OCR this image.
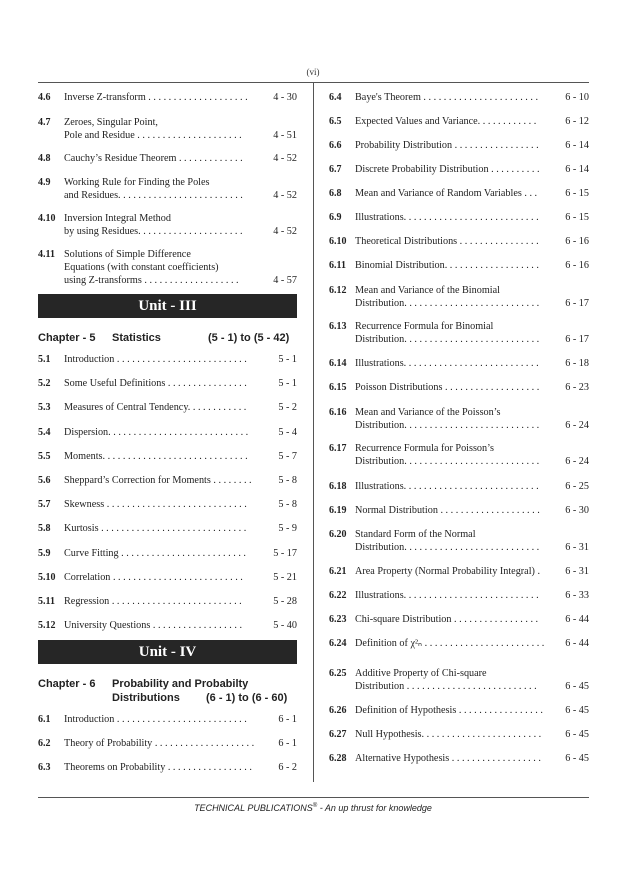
(vi)
4.6 Inverse Z-transform . . . . . . . . . . . . . . . . . . . .	4 - 30
4.7 Zeroes, Singular Point,
Pole and Residue . . . . . . . . . . . . . . . . . . . . .	4 - 51
4.8 Cauchy’s Residue Theorem . . . . . . . . . . . . .	4 - 52
4.9 Working Rule for Finding the Poles
and Residues. . . . . . . . . . . . . . . . . . . . . . . . .	4 - 52
4.10 Inversion Integral Method
by using Residues. . . . . . . . . . . . . . . . . . . . .	4 - 52
4.11 Solutions of Simple Difference
Equations (with constant coefficients)
using Z-transforms . . . . . . . . . . . . . . . . . . .	4 - 57
Unit - III
Chapter - 5 Statistics	(5 - 1) to (5 - 42)
5.1 Introduction . . . . . . . . . . . . . . . . . . . . . . . . . .	5 - 1
5.2 Some Useful Definitions . . . . . . . . . . . . . . . .	5 - 1
5.3 Measures of Central Tendency. . . . . . . . . . . .	5 - 2
5.4 Dispersion. . . . . . . . . . . . . . . . . . . . . . . . . . . .	5 - 4
5.5 Moments. . . . . . . . . . . . . . . . . . . . . . . . . . . . .	5 - 7
5.6 Sheppard’s Correction for Moments . . . . . . . .	5 - 8
5.7 Skewness . . . . . . . . . . . . . . . . . . . . . . . . . . . .	5 - 8
5.8 Kurtosis . . . . . . . . . . . . . . . . . . . . . . . . . . . . .	5 - 9
5.9 Curve Fitting . . . . . . . . . . . . . . . . . . . . . . . . .	5 - 17
5.10 Correlation . . . . . . . . . . . . . . . . . . . . . . . . . .	5 - 21
5.11 Regression . . . . . . . . . . . . . . . . . . . . . . . . . .	5 - 28
5.12 University Questions . . . . . . . . . . . . . . . . . .	5 - 40
Unit - IV
Chapter - 6 Probability and Probabilty
Distributions (6 - 1) to (6 - 60)
6.1 Introduction . . . . . . . . . . . . . . . . . . . . . . . . . .	6 - 1
6.2 Theory of Probability . . . . . . . . . . . . . . . . . . . . 6 - 1
6.3 Theorems on Probability . . . . . . . . . . . . . . . . .	6 - 2
6.4 Baye's Theorem . . . . . . . . . . . . . . . . . . . . . . .	6 - 10
6.5 Expected Values and Variance. . . . . . . . . . . .	6 - 12
6.6 Probability Distribution . . . . . . . . . . . . . . . . .	6 - 14
6.7 Discrete Probability Distribution . . . . . . . . . .	6 - 14
6.8 Mean and Variance of Random Variables . . .	6 - 15
6.9 Illustrations. . . . . . . . . . . . . . . . . . . . . . . . . . .	6 - 15
6.10 Theoretical Distributions . . . . . . . . . . . . . . . .	6 - 16
6.11 Binomial Distribution. . . . . . . . . . . . . . . . . . .	6 - 16
6.12 Mean and Variance of the Binomial
Distribution. . . . . . . . . . . . . . . . . . . . . . . . . . .	6 - 17
6.13 Recurrence Formula for Binomial
Distribution. . . . . . . . . . . . . . . . . . . . . . . . . . .	6 - 17
6.14 Illustrations. . . . . . . . . . . . . . . . . . . . . . . . . . .	6 - 18
6.15 Poisson Distributions . . . . . . . . . . . . . . . . . . .	6 - 23
6.16 Mean and Variance of the Poisson’s
Distribution. . . . . . . . . . . . . . . . . . . . . . . . . . .	6 - 24
6.17 Recurrence Formula for Poisson’s
Distribution. . . . . . . . . . . . . . . . . . . . . . . . . . .	6 - 24
6.18 Illustrations. . . . . . . . . . . . . . . . . . . . . . . . . . .	6 - 25
6.19 Normal Distribution . . . . . . . . . . . . . . . . . . . . 6 - 30
6.20 Standard Form of the Normal
Distribution. . . . . . . . . . . . . . . . . . . . . . . . . . .	6 - 31
6.21 Area Property (Normal Probability Integral) . 6 - 31
6.22 Illustrations. . . . . . . . . . . . . . . . . . . . . . . . . . .	6 - 33
6.23 Chi-square Distribution . . . . . . . . . . . . . . . . .	6 - 44
6.24 Definition of χ²ₙ . . . . . . . . . . . . . . . . . . . . . . . . 6 - 44
6.25 Additive Property of Chi-square
Distribution . . . . . . . . . . . . . . . . . . . . . . . . . .	6 - 45
6.26 Definition of Hypothesis . . . . . . . . . . . . . . . . . 6 - 45
6.27 Null Hypothesis. . . . . . . . . . . . . . . . . . . . . . . . 6 - 45
6.28 Alternative Hypothesis . . . . . . . . . . . . . . . . . . 6 - 45
TECHNICAL PUBLICATIONS® - An up thrust for knowledge
